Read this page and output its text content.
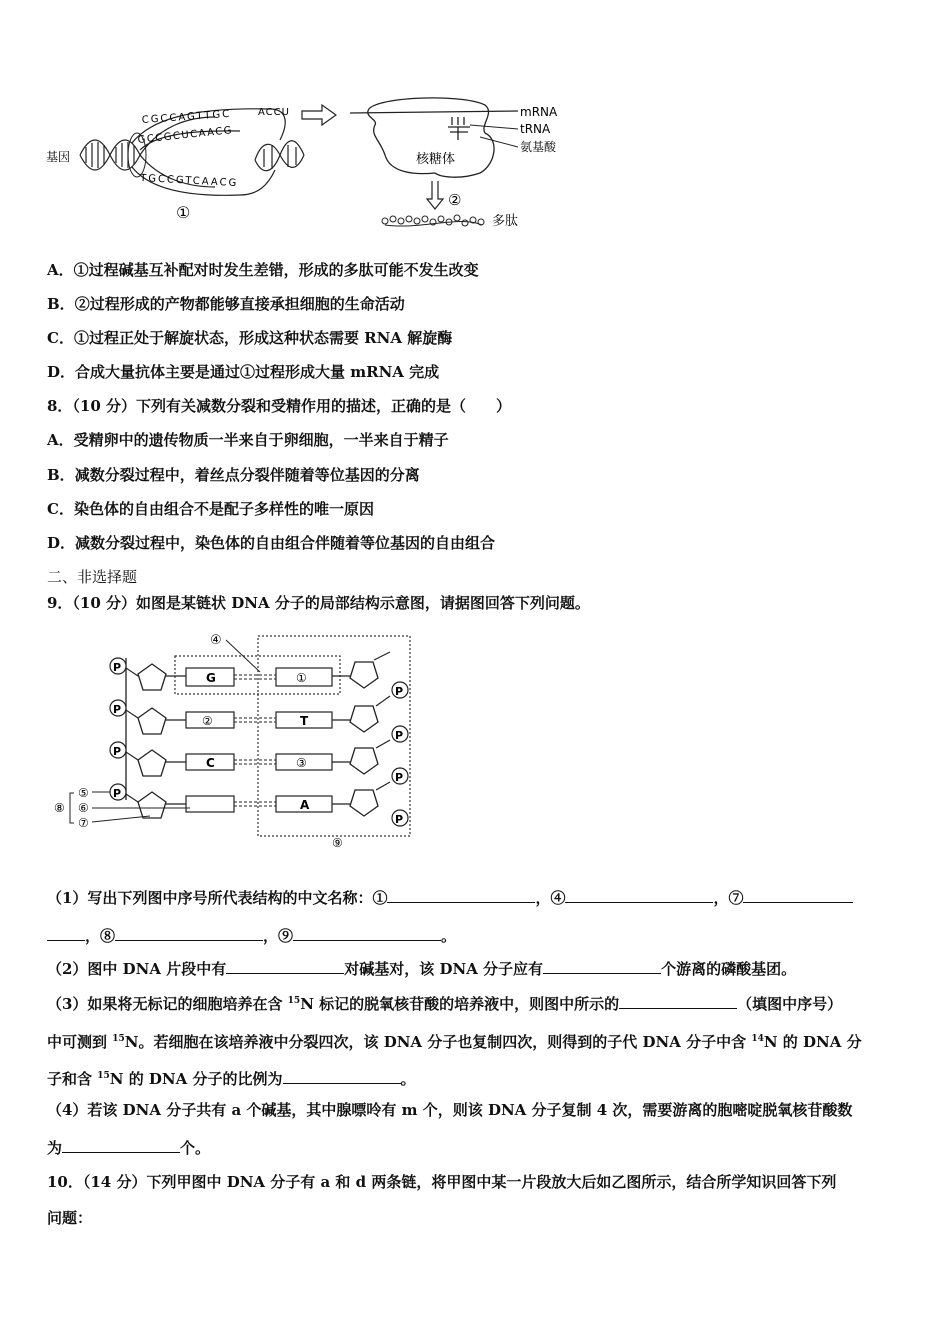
基因
CGCCAGTTGC
GCCGCUCAACG
ACCU
TGCCGTCAACG
①
mRNA
tRNA
氨基酸
核糖体
②
多肽
A．①过程碱基互补配对时发生差错，形成的多肽可能不发生改变
B．②过程形成的产物都能够直接承担细胞的生命活动
C．①过程正处于解旋状态，形成这种状态需要 RNA 解旋酶
D．合成大量抗体主要是通过①过程形成大量 mRNA 完成
8．（10 分）下列有关减数分裂和受精作用的描述，正确的是（　　）
A．受精卵中的遗传物质一半来自于卵细胞，一半来自于精子
B．减数分裂过程中，着丝点分裂伴随着等位基因的分离
C．染色体的自由组合不是配子多样性的唯一原因
D．减数分裂过程中，染色体的自由组合伴随着等位基因的自由组合
二、非选择题
9．（10 分）如图是某链状 DNA 分子的局部结构示意图，请据图回答下列问题。
④
⑨
P
G	①
P
P
②	T
P
P
C	③
P
P
A
P
⑤
⑥
⑦
⑧
（1）写出下列图中序号所代表结构的中文名称：①	，④	，⑦
，⑧	，⑨	。
（2）图中 DNA 片段中有	对碱基对，该 DNA 分子应有	个游离的磷酸基团。
（3）如果将无标记的细胞培养在含 $^{15}$N 标记的脱氧核苷酸的培养液中，则图中所示的	（填图中序号）
中可测到 $^{15}$N。若细胞在该培养液中分裂四次，该 DNA 分子也复制四次，则得到的子代 DNA 分子中含 $^{14}$N 的 DNA 分
子和含 $^{15}$N 的 DNA 分子的比例为	。
（4）若该 DNA 分子共有 a 个碱基，其中腺嘌呤有 m 个，则该 DNA 分子复制 4 次，需要游离的胞嘧啶脱氧核苷酸数
为	个。
10．（14 分）下列甲图中 DNA 分子有 a 和 d 两条链，将甲图中某一片段放大后如乙图所示，结合所学知识回答下列
问题：
